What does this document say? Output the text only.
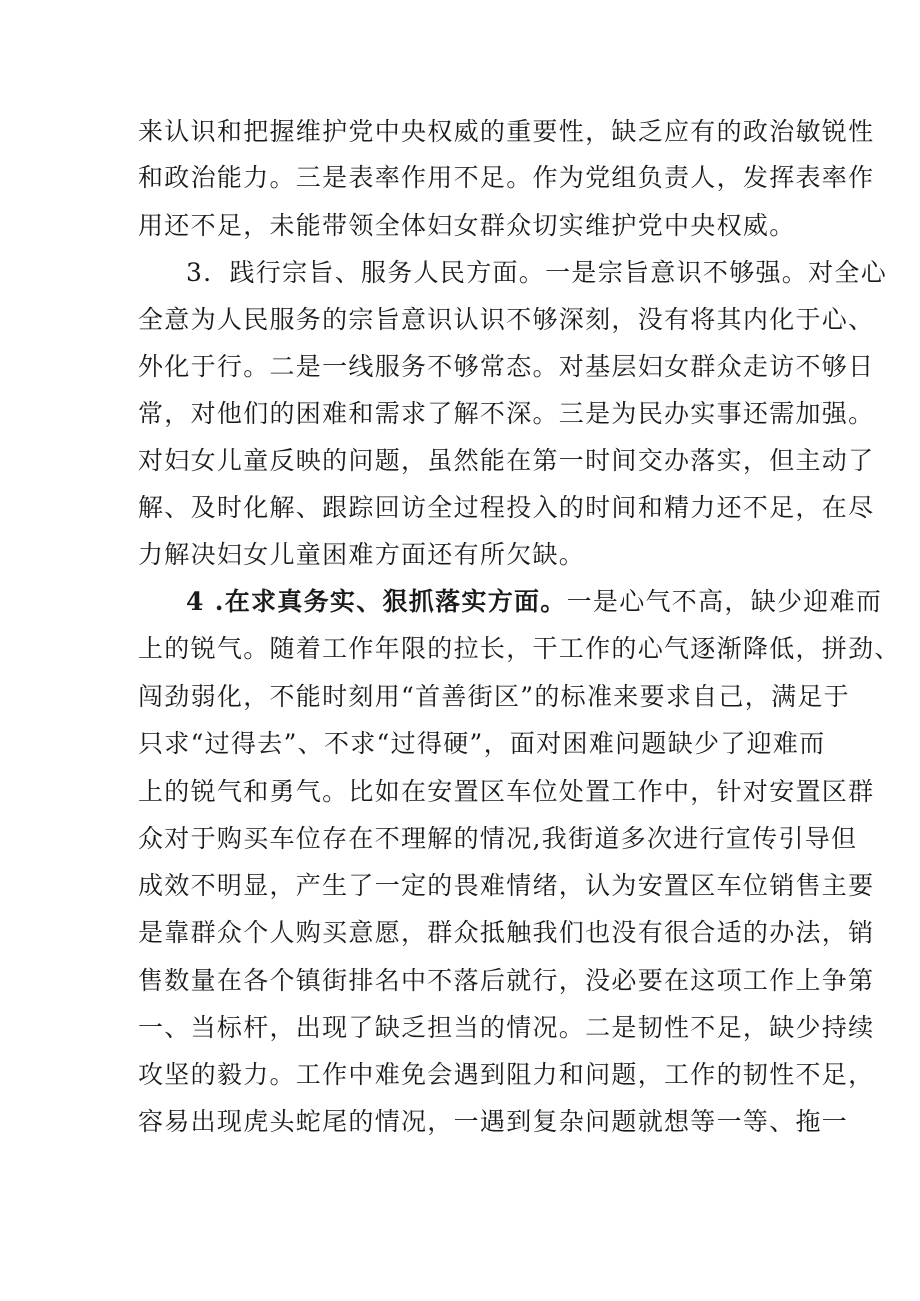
来认识和把握维护党中央权威的重要性，缺乏应有的政治敏锐性
和政治能力。三是表率作用不足。作为党组负责人，发挥表率作
用还不足，未能带领全体妇女群众切实维护党中央权威。
3．践行宗旨、服务人民方面。一是宗旨意识不够强。对全心
全意为人民服务的宗旨意识认识不够深刻，没有将其内化于心、
外化于行。二是一线服务不够常态。对基层妇女群众走访不够日
常，对他们的困难和需求了解不深。三是为民办实事还需加强。
对妇女儿童反映的问题，虽然能在第一时间交办落实，但主动了
解、及时化解、跟踪回访全过程投入的时间和精力还不足，在尽
力解决妇女儿童困难方面还有所欠缺。
4 .在求真务实、狠抓落实方面。一是心气不高，缺少迎难而
上的锐气。随着工作年限的拉长，干工作的心气逐渐降低，拼劲、
闯劲弱化，不能时刻用“首善街区”的标准来要求自己，满足于
只求“过得去”、不求“过得硬”，面对困难问题缺少了迎难而
上的锐气和勇气。比如在安置区车位处置工作中，针对安置区群
众对于购买车位存在不理解的情况,我街道多次进行宣传引导但
成效不明显，产生了一定的畏难情绪，认为安置区车位销售主要
是靠群众个人购买意愿，群众抵触我们也没有很合适的办法，销
售数量在各个镇街排名中不落后就行，没必要在这项工作上争第
一、当标杆，出现了缺乏担当的情况。二是韧性不足，缺少持续
攻坚的毅力。工作中难免会遇到阻力和问题，工作的韧性不足，
容易出现虎头蛇尾的情况，一遇到复杂问题就想等一等、拖一
